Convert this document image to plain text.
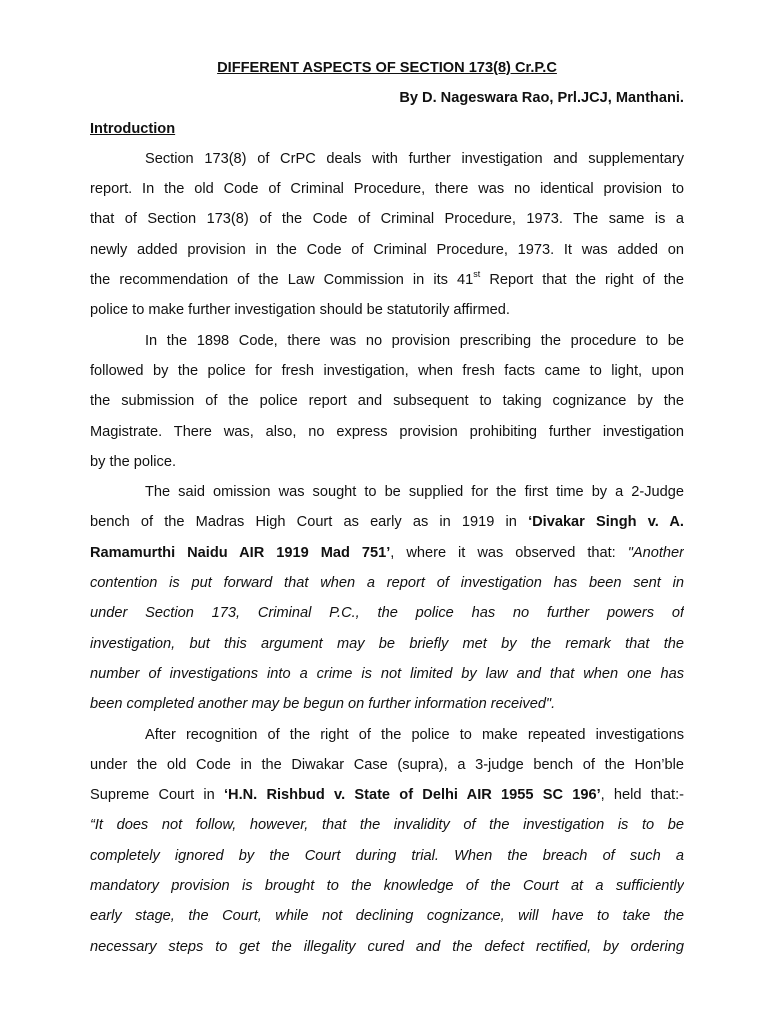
DIFFERENT ASPECTS OF SECTION 173(8) Cr.P.C
By D. Nageswara Rao, Prl.JCJ, Manthani.
Introduction
Section 173(8) of CrPC deals with further investigation and supplementary
report. In the old Code of Criminal Procedure, there was no identical provision to
that of Section 173(8) of the Code of Criminal Procedure, 1973. The same is a
newly added provision in the Code of Criminal Procedure, 1973. It was added on
the recommendation of the Law Commission in its 41st Report that the right of the
police to make further investigation should be statutorily affirmed.
In the 1898 Code, there was no provision prescribing the procedure to be
followed by the police for fresh investigation, when fresh facts came to light, upon
the submission of the police report and subsequent to taking cognizance by the
Magistrate. There was, also, no express provision prohibiting further investigation
by the police.
The said omission was sought to be supplied for the first time by a 2-Judge
bench of the Madras High Court as early as in 1919 in ‘Divakar Singh v. A.
Ramamurthi Naidu AIR 1919 Mad 751’, where it was observed that: "Another
contention is put forward that when a report of investigation has been sent in
under Section 173, Criminal P.C., the police has no further powers of
investigation, but this argument may be briefly met by the remark that the
number of investigations into a crime is not limited by law and that when one has
been completed another may be begun on further information received".
After recognition of the right of the police to make repeated investigations
under the old Code in the Diwakar Case (supra), a 3-judge bench of the Hon’ble
Supreme Court in ‘H.N. Rishbud v. State of Delhi AIR 1955 SC 196’, held that:-
“It does not follow, however, that the invalidity of the investigation is to be
completely ignored by the Court during trial. When the breach of such a
mandatory provision is brought to the knowledge of the Court at a sufficiently
early stage, the Court, while not declining cognizance, will have to take the
necessary steps to get the illegality cured and the defect rectified, by ordering
